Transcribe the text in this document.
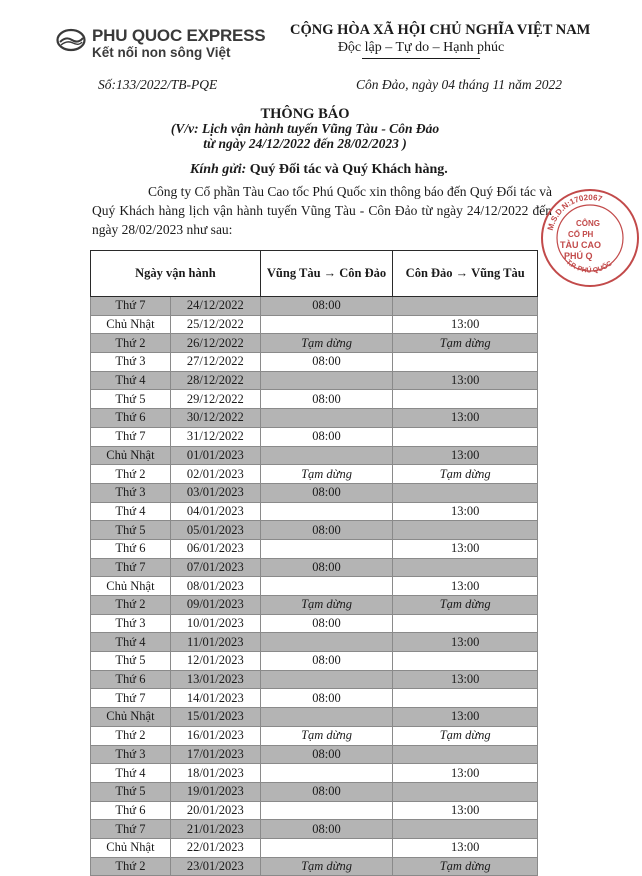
PHU QUOC EXPRESS
Kết nối non sông Việt
CỘNG HÒA XÃ HỘI CHỦ NGHĨA VIỆT NAM
Độc lập – Tự do – Hạnh phúc
Số:133/2022/TB-PQE	Côn Đảo, ngày 04 tháng 11 năm 2022
THÔNG BÁO
(V/v: Lịch vận hành tuyến Vũng Tàu - Côn Đảo
từ ngày 24/12/2022 đến 28/02/2023 )
Kính gửi: Quý Đối tác và Quý Khách hàng.
Công ty Cổ phần Tàu Cao tốc Phú Quốc xin thông báo đến Quý Đối tác và Quý Khách hàng lịch vận hành tuyến Vũng Tàu - Côn Đảo từ ngày 24/12/2022 đến ngày 28/02/2023 như sau:	M.S.D.N:1702067
T.P. PHÚ QUỐC
CÔNG
CỔ PH
TÀU CAO
PHÚ Q
Ngày vận hành		Vũng Tàu → Côn Đảo	Côn Đảo → Vũng Tàu
Thứ 7	24/12/2022	08:00	
Chủ Nhật	25/12/2022		13:00
Thứ 2	26/12/2022	Tạm dừng	Tạm dừng
Thứ 3	27/12/2022	08:00	
Thứ 4	28/12/2022		13:00
Thứ 5	29/12/2022	08:00	
Thứ 6	30/12/2022		13:00
Thứ 7	31/12/2022	08:00	
Chủ Nhật	01/01/2023		13:00
Thứ 2	02/01/2023	Tạm dừng	Tạm dừng
Thứ 3	03/01/2023	08:00	
Thứ 4	04/01/2023		13:00
Thứ 5	05/01/2023	08:00	
Thứ 6	06/01/2023		13:00
Thứ 7	07/01/2023	08:00	
Chủ Nhật	08/01/2023		13:00
Thứ 2	09/01/2023	Tạm dừng	Tạm dừng
Thứ 3	10/01/2023	08:00	
Thứ 4	11/01/2023		13:00
Thứ 5	12/01/2023	08:00	
Thứ 6	13/01/2023		13:00
Thứ 7	14/01/2023	08:00	
Chủ Nhật	15/01/2023		13:00
Thứ 2	16/01/2023	Tạm dừng	Tạm dừng
Thứ 3	17/01/2023	08:00	
Thứ 4	18/01/2023		13:00
Thứ 5	19/01/2023	08:00	
Thứ 6	20/01/2023		13:00
Thứ 7	21/01/2023	08:00	
Chủ Nhật	22/01/2023		13:00
Thứ 2	23/01/2023	Tạm dừng	Tạm dừng
